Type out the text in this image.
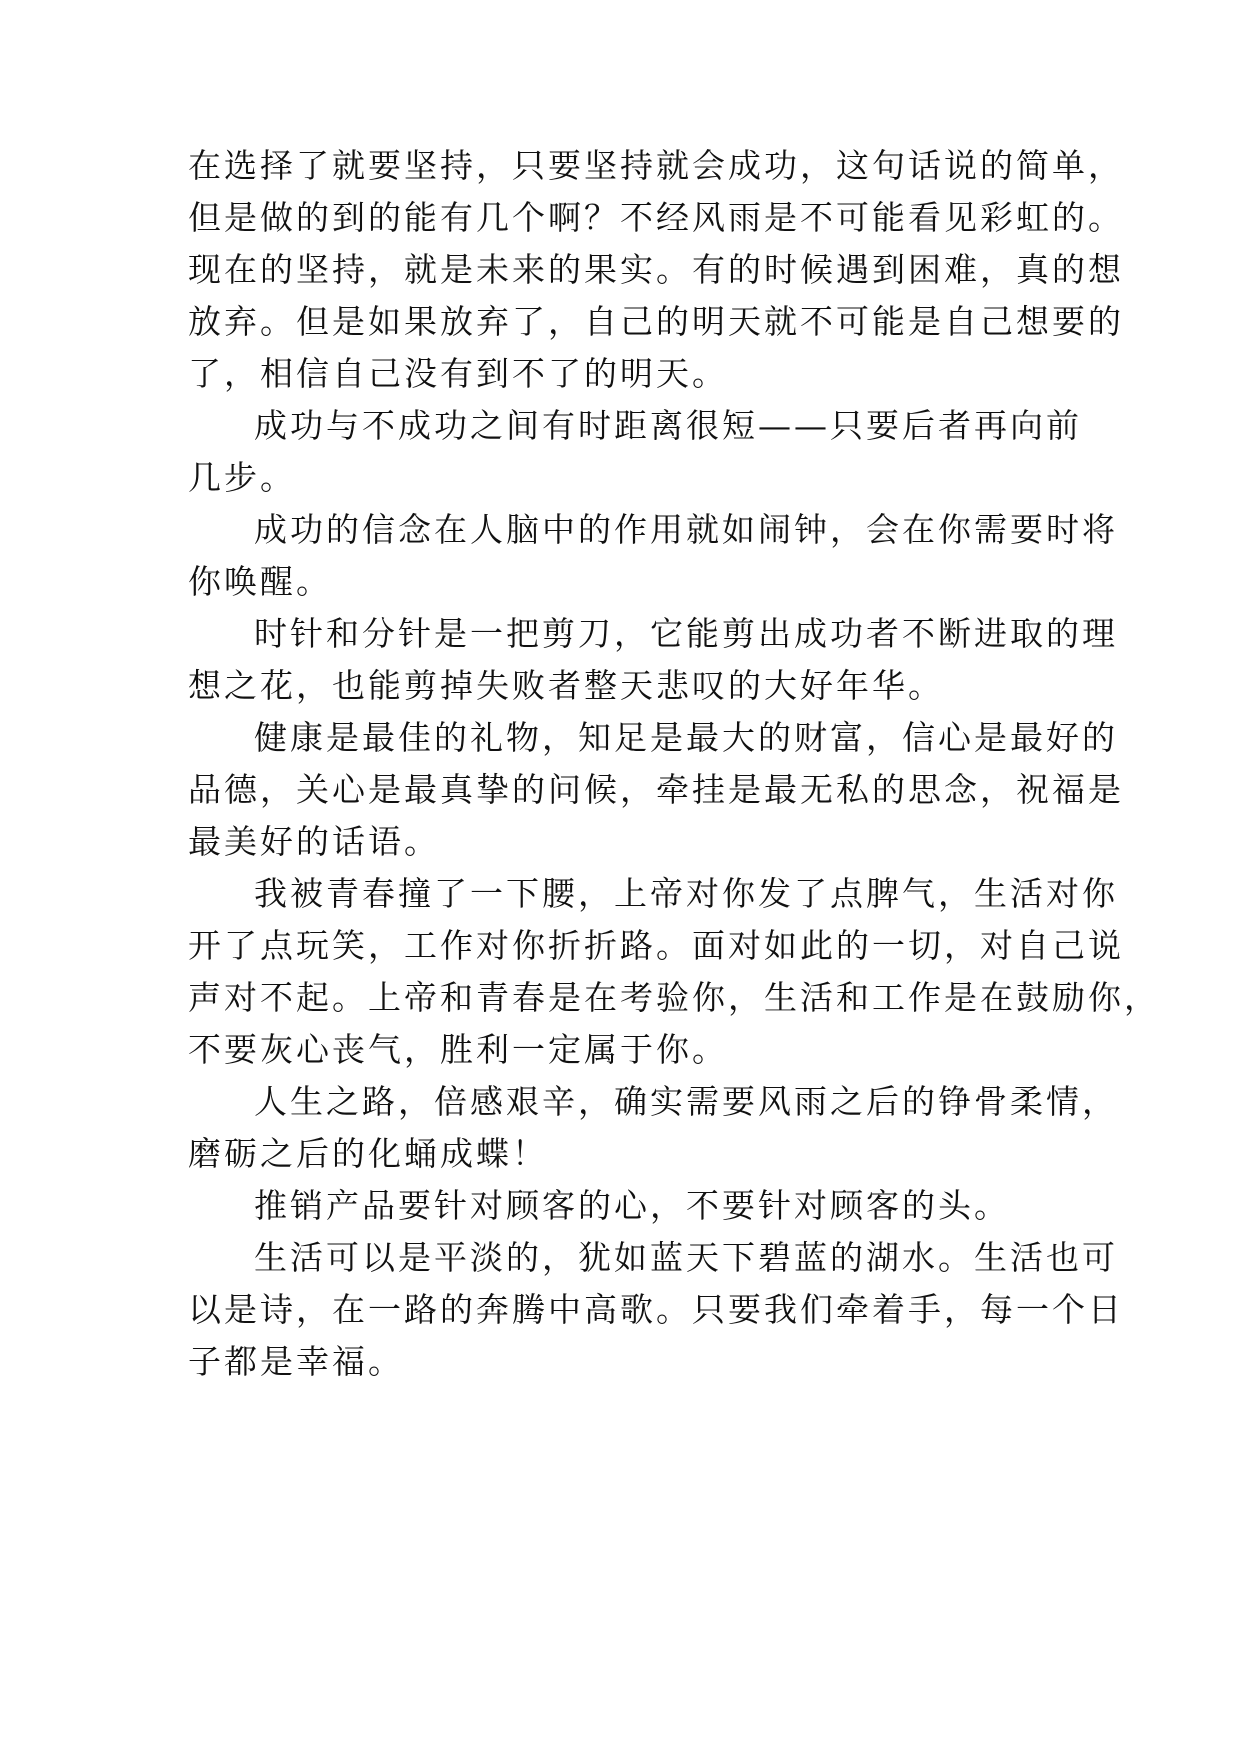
在选择了就要坚持，只要坚持就会成功，这句话说的简单，
但是做的到的能有几个啊？不经风雨是不可能看见彩虹的。
现在的坚持，就是未来的果实。有的时候遇到困难，真的想
放弃。但是如果放弃了，自己的明天就不可能是自己想要的
了，相信自己没有到不了的明天。
成功与不成功之间有时距离很短——只要后者再向前
几步。
成功的信念在人脑中的作用就如闹钟，会在你需要时将
你唤醒。
时针和分针是一把剪刀，它能剪出成功者不断进取的理
想之花，也能剪掉失败者整天悲叹的大好年华。
健康是最佳的礼物，知足是最大的财富，信心是最好的
品德，关心是最真挚的问候，牵挂是最无私的思念，祝福是
最美好的话语。
我被青春撞了一下腰，上帝对你发了点脾气，生活对你
开了点玩笑，工作对你折折路。面对如此的一切，对自己说
声对不起。上帝和青春是在考验你，生活和工作是在鼓励你，
不要灰心丧气，胜利一定属于你。
人生之路，倍感艰辛，确实需要风雨之后的铮骨柔情，
磨砺之后的化蛹成蝶！
推销产品要针对顾客的心，不要针对顾客的头。
生活可以是平淡的，犹如蓝天下碧蓝的湖水。生活也可
以是诗，在一路的奔腾中高歌。只要我们牵着手，每一个日
子都是幸福。
